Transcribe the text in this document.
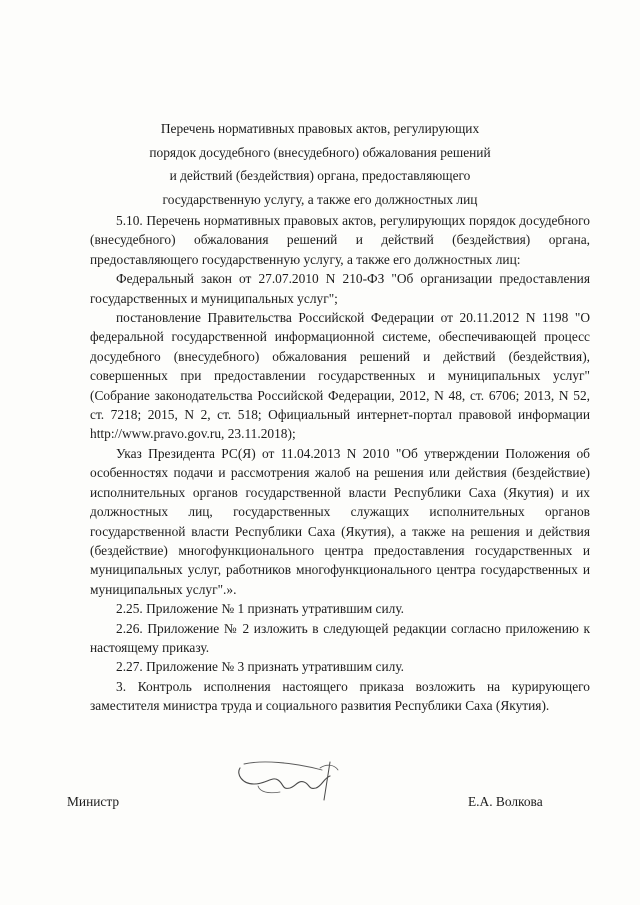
Перечень нормативных правовых актов, регулирующих
порядок досудебного (внесудебного) обжалования решений
и действий (бездействия) органа, предоставляющего
государственную услугу, а также его должностных лиц

5.10. Перечень нормативных правовых актов, регулирующих порядок досудебного (внесудебного) обжалования решений и действий (бездействия) органа, предоставляющего государственную услугу, а также его должностных лиц:

Федеральный закон от 27.07.2010 N 210-ФЗ "Об организации предоставления государственных и муниципальных услуг";

постановление Правительства Российской Федерации от 20.11.2012 N 1198 "О федеральной государственной информационной системе, обеспечивающей процесс досудебного (внесудебного) обжалования решений и действий (бездействия), совершенных при предоставлении государственных и муниципальных услуг" (Собрание законодательства Российской Федерации, 2012, N 48, ст. 6706; 2013, N 52, ст. 7218; 2015, N 2, ст. 518; Официальный интернет-портал правовой информации http://www.pravo.gov.ru, 23.11.2018);

Указ Президента РС(Я) от 11.04.2013 N 2010 "Об утверждении Положения об особенностях подачи и рассмотрения жалоб на решения или действия (бездействие) исполнительных органов государственной власти Республики Саха (Якутия) и их должностных лиц, государственных служащих исполнительных органов государственной власти Республики Саха (Якутия), а также на решения и действия (бездействие) многофункционального центра предоставления государственных и муниципальных услуг, работников многофункционального центра государственных и муниципальных услуг".».

2.25. Приложение № 1 признать утратившим силу.

2.26. Приложение № 2 изложить в следующей редакции согласно приложению к настоящему приказу.

2.27. Приложение № 3 признать утратившим силу.

3. Контроль исполнения настоящего приказа возложить на курирующего заместителя министра труда и социального развития Республики Саха (Якутия).

Министр	Е.А. Волкова
